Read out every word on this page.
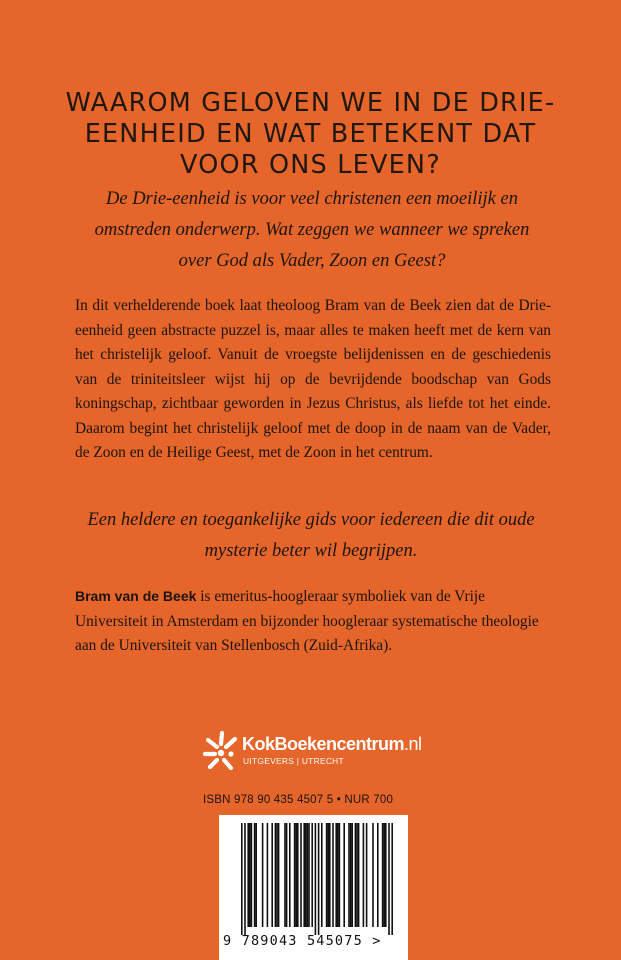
WAAROM GELOVEN WE IN DE DRIE-EENHEID EN WAT BETEKENT DAT VOOR ONS LEVEN?

De Drie-eenheid is voor veel christenen een moeilijk en omstreden onderwerp. Wat zeggen we wanneer we spreken over God als Vader, Zoon en Geest?

In dit verhelderende boek laat theoloog Bram van de Beek zien dat de Drie-eenheid geen abstracte puzzel is, maar alles te maken heeft met de kern van het christelijk geloof. Vanuit de vroegste belijdenissen en de geschiedenis van de triniteitsleer wijst hij op de bevrijdende boodschap van Gods koningschap, zichtbaar geworden in Jezus Christus, als liefde tot het einde. Daarom begint het christelijk geloof met de doop in de naam van de Vader, de Zoon en de Heilige Geest, met de Zoon in het centrum.

Een heldere en toegankelijke gids voor iedereen die dit oude mysterie beter wil begrijpen.

Bram van de Beek is emeritus-hoogleraar symboliek van de Vrije Universiteit in Amsterdam en bijzonder hoogleraar systematische theologie aan de Universiteit van Stellenbosch (Zuid-Afrika).

KokBoekencentrum.nl
UITGEVERS | UTRECHT
ISBN 978 90 435 4507 5 • NUR 700
9 789043 545075 >
